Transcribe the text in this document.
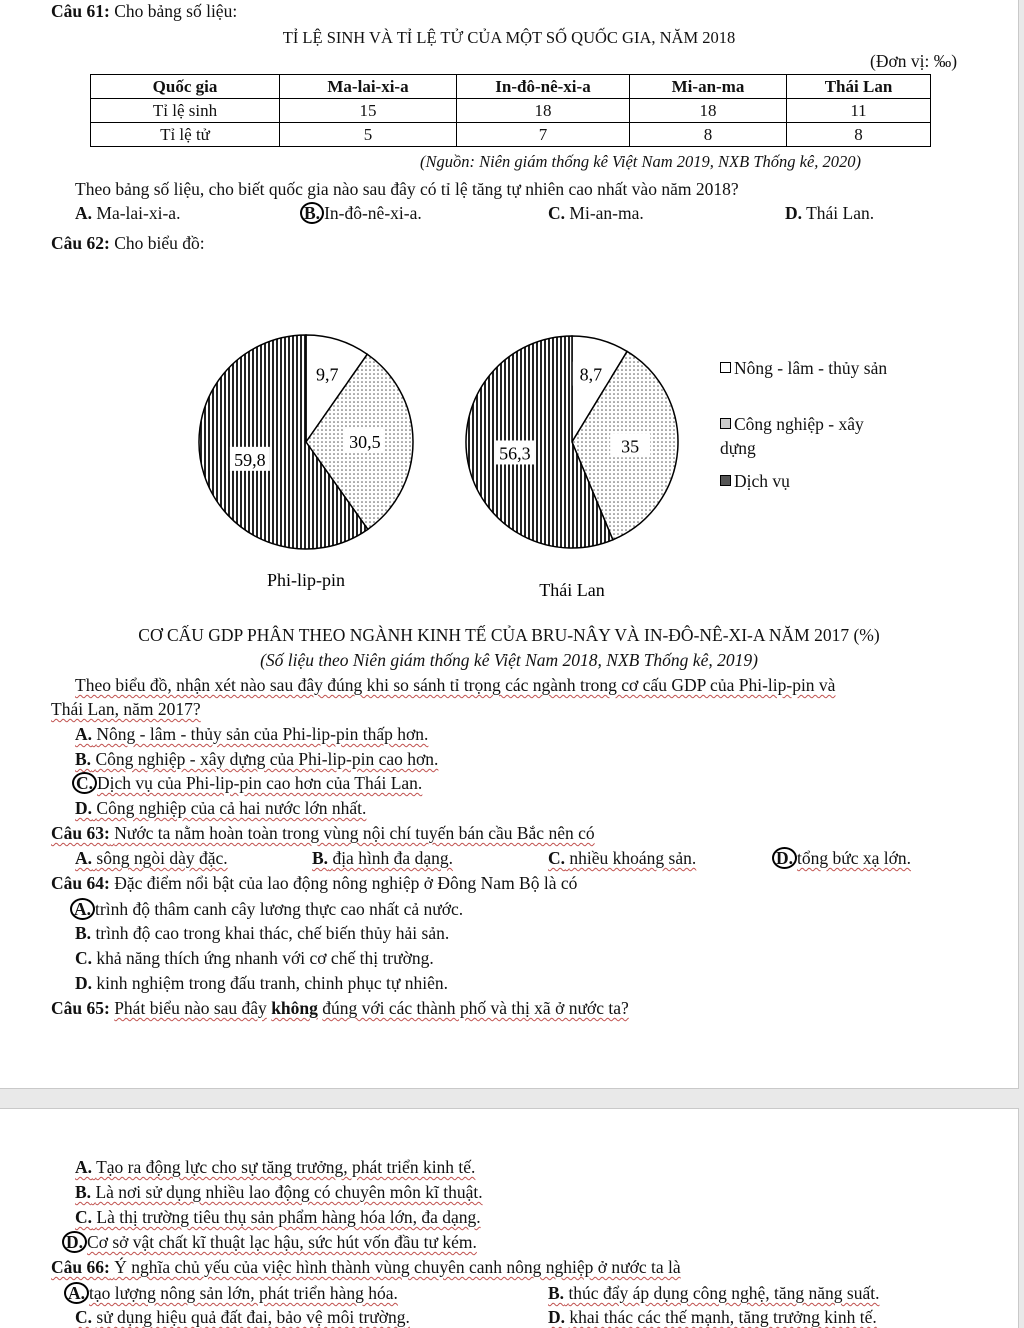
Câu 61: Cho bảng số liệu:
TỈ LỆ SINH VÀ TỈ LỆ TỬ CỦA MỘT SỐ QUỐC GIA, NĂM 2018
(Đơn vị: ‰)
Quốc gia	Ma-lai-xi-a	In-đô-nê-xi-a	Mi-an-ma	Thái Lan
Tỉ lệ sinh	15	18	18	11
Tỉ lệ tử	5	7	8	8
(Nguồn: Niên giám thống kê Việt Nam 2019, NXB Thống kê, 2020)
Theo bảng số liệu, cho biết quốc gia nào sau đây có tỉ lệ tăng tự nhiên cao nhất vào năm 2018?
A. Ma-lai-xi-a.	B. In-đô-nê-xi-a.	C. Mi-an-ma.	D. Thái Lan.
Câu 62: Cho biểu đồ:
9,7
30,5
59,8
8,7
35
56,3
Phi-lip-pin	Thái Lan
Nông - lâm - thủy sản
Công nghiệp - xây dựng
Dịch vụ
CƠ CẤU GDP PHÂN THEO NGÀNH KINH TẾ CỦA BRU-NÂY VÀ IN-ĐÔ-NÊ-XI-A NĂM 2017 (%)
(Số liệu theo Niên giám thống kê Việt Nam 2018, NXB Thống kê, 2019)
Theo biểu đồ, nhận xét nào sau đây đúng khi so sánh tỉ trọng các ngành trong cơ cấu GDP của Phi-lip-pin và
Thái Lan, năm 2017?
A. Nông - lâm - thủy sản của Phi-lip-pin thấp hơn.
B. Công nghiệp - xây dựng của Phi-lip-pin cao hơn.
C. Dịch vụ của Phi-lip-pin cao hơn của Thái Lan.
D. Công nghiệp của cả hai nước lớn nhất.
Câu 63: Nước ta nằm hoàn toàn trong vùng nội chí tuyến bán cầu Bắc nên có
A. sông ngòi dày đặc.	B. địa hình đa dạng.	C. nhiều khoáng sản.	D. tổng bức xạ lớn.
Câu 64: Đặc điểm nổi bật của lao động nông nghiệp ở Đông Nam Bộ là có
A. trình độ thâm canh cây lương thực cao nhất cả nước.
B. trình độ cao trong khai thác, chế biến thủy hải sản.
C. khả năng thích ứng nhanh với cơ chế thị trường.
D. kinh nghiệm trong đấu tranh, chinh phục tự nhiên.
Câu 65: Phát biểu nào sau đây không đúng với các thành phố và thị xã ở nước ta?
A. Tạo ra động lực cho sự tăng trưởng, phát triển kinh tế.
B. Là nơi sử dụng nhiều lao động có chuyên môn kĩ thuật.
C. Là thị trường tiêu thụ sản phẩm hàng hóa lớn, đa dạng.
D. Cơ sở vật chất kĩ thuật lạc hậu, sức hút vốn đầu tư kém.
Câu 66: Ý nghĩa chủ yếu của việc hình thành vùng chuyên canh nông nghiệp ở nước ta là
A. tạo lượng nông sản lớn, phát triển hàng hóa.	B. thúc đẩy áp dụng công nghệ, tăng năng suất.
C. sử dụng hiệu quả đất đai, bảo vệ môi trường.	D. khai thác các thế mạnh, tăng trưởng kinh tế.
